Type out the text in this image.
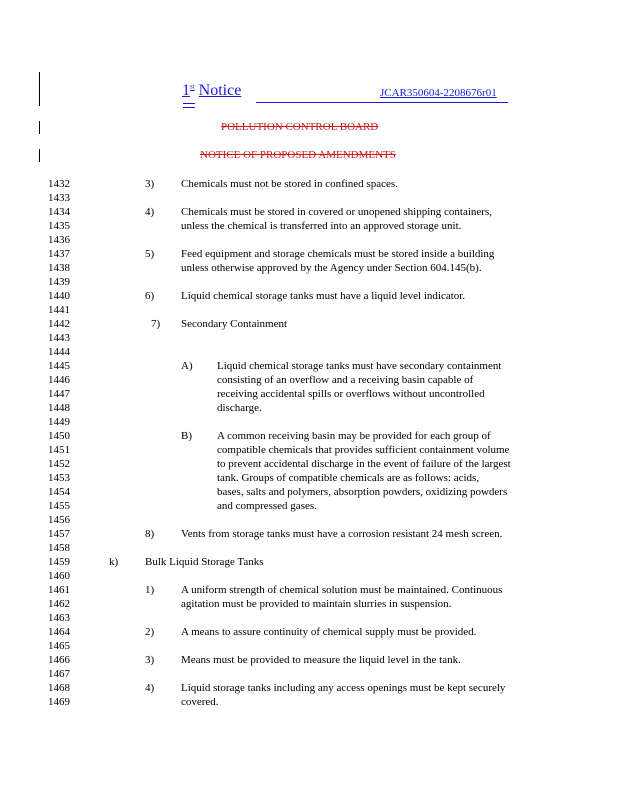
1st Notice	JCAR350604-2208676r01
POLLUTION CONTROL BOARD
NOTICE OF PROPOSED AMENDMENTS
1432
1433
1434
1435
1436
1437
1438
1439
1440
1441
1442
1443
1444
1445
1446
1447
1448
1449
1450
1451
1452
1453
1454
1455
1456
1457
1458
1459
1460
1461
1462
1463
1464
1465
1466
1467
1468
1469
3) Chemicals must not be stored in confined spaces.
4) Chemicals must be stored in covered or unopened shipping containers,
unless the chemical is transferred into an approved storage unit.
5) Feed equipment and storage chemicals must be stored inside a building
unless otherwise approved by the Agency under Section 604.145(b).
6) Liquid chemical storage tanks must have a liquid level indicator.
7) Secondary Containment
A) Liquid chemical storage tanks must have secondary containment
consisting of an overflow and a receiving basin capable of
receiving accidental spills or overflows without uncontrolled
discharge.
B) A common receiving basin may be provided for each group of
compatible chemicals that provides sufficient containment volume
to prevent accidental discharge in the event of failure of the largest
tank. Groups of compatible chemicals are as follows: acids,
bases, salts and polymers, absorption powders, oxidizing powders
and compressed gases.
8) Vents from storage tanks must have a corrosion resistant 24 mesh screen.
k) Bulk Liquid Storage Tanks
1) A uniform strength of chemical solution must be maintained. Continuous
agitation must be provided to maintain slurries in suspension.
2) A means to assure continuity of chemical supply must be provided.
3) Means must be provided to measure the liquid level in the tank.
4) Liquid storage tanks including any access openings must be kept securely
covered.
